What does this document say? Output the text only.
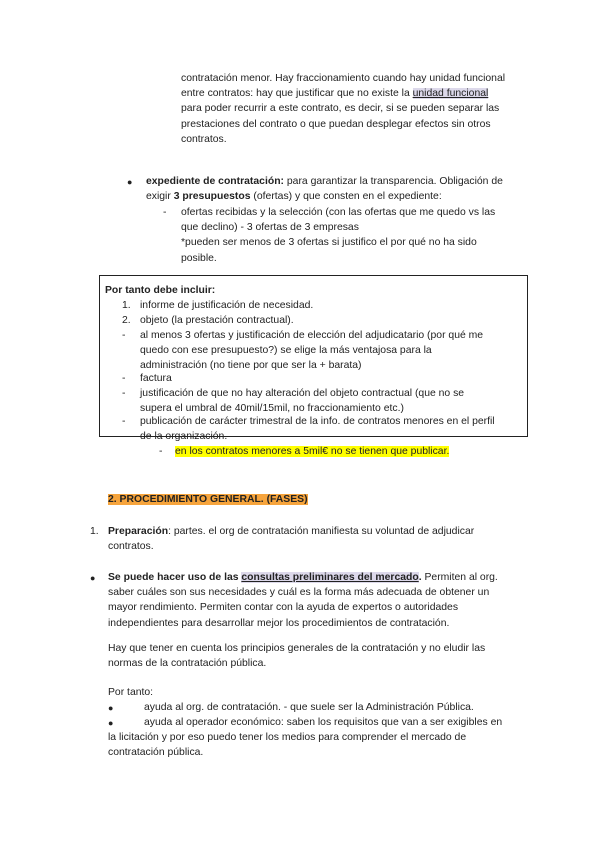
contratación menor. Hay fraccionamiento cuando hay unidad funcional
entre contratos: hay que justificar que no existe la unidad funcional
para poder recurrir a este contrato, es decir, si se pueden separar las
prestaciones del contrato o que puedan desplegar efectos sin otros
contratos.
● expediente de contratación: para garantizar la transparencia. Obligación de
exigir 3 presupuestos (ofertas) y que consten en el expediente:
- ofertas recibidas y la selección (con las ofertas que me quedo vs las
que declino) - 3 ofertas de 3 empresas
*pueden ser menos de 3 ofertas si justifico el por qué no ha sido
posible.
Por tanto debe incluir:
1. informe de justificación de necesidad.
2. objeto (la prestación contractual).
- al menos 3 ofertas y justificación de elección del adjudicatario (por qué me
quedo con ese presupuesto?) se elige la más ventajosa para la
administración (no tiene por que ser la + barata)
- factura
- justificación de que no hay alteración del objeto contractual (que no se
supera el umbral de 40mil/15mil, no fraccionamiento etc.)
- publicación de carácter trimestral de la info. de contratos menores en el perfil
de la organización.
- en los contratos menores a 5mil€ no se tienen que publicar.
2. PROCEDIMIENTO GENERAL. (FASES)
1. Preparación: partes. el org de contratación manifiesta su voluntad de adjudicar
contratos.
● Se puede hacer uso de las consultas preliminares del mercado. Permiten al org.
saber cuáles son sus necesidades y cuál es la forma más adecuada de obtener un
mayor rendimiento. Permiten contar con la ayuda de expertos o autoridades
independientes para desarrollar mejor los procedimientos de contratación.
Hay que tener en cuenta los principios generales de la contratación y no eludir las
normas de la contratación pública.
Por tanto:
●	ayuda al org. de contratación. - que suele ser la Administración Pública.
●	ayuda al operador económico: saben los requisitos que van a ser exigibles en
la licitación y por eso puedo tener los medios para comprender el mercado de
contratación pública.
